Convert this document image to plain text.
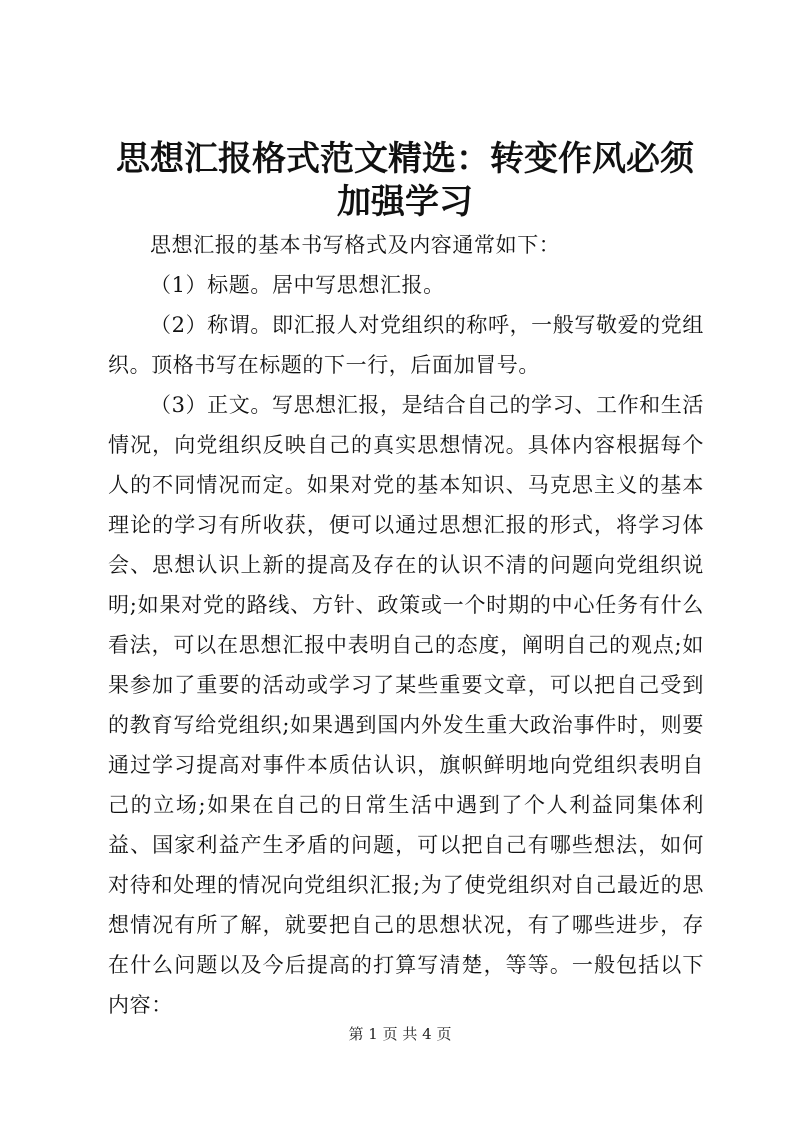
思想汇报格式范文精选：转变作风必须加强学习

思想汇报的基本书写格式及内容通常如下：

（1）标题。居中写思想汇报。

（2）称谓。即汇报人对党组织的称呼，一般写敬爱的党组织。顶格书写在标题的下一行，后面加冒号。

（3）正文。写思想汇报，是结合自己的学习、工作和生活情况，向党组织反映自己的真实思想情况。具体内容根据每个人的不同情况而定。如果对党的基本知识、马克思主义的基本理论的学习有所收获，便可以通过思想汇报的形式，将学习体会、思想认识上新的提高及存在的认识不清的问题向党组织说明;如果对党的路线、方针、政策或一个时期的中心任务有什么看法，可以在思想汇报中表明自己的态度，阐明自己的观点;如果参加了重要的活动或学习了某些重要文章，可以把自己受到的教育写给党组织;如果遇到国内外发生重大政治事件时，则要通过学习提高对事件本质估认识，旗帜鲜明地向党组织表明自己的立场;如果在自己的日常生活中遇到了个人利益同集体利益、国家利益产生矛盾的问题，可以把自己有哪些想法，如何对待和处理的情况向党组织汇报;为了使党组织对自己最近的思想情况有所了解，就要把自己的思想状况，有了哪些进步，存在什么问题以及今后提高的打算写清楚，等等。一般包括以下内容：

第 1 页 共 4 页
